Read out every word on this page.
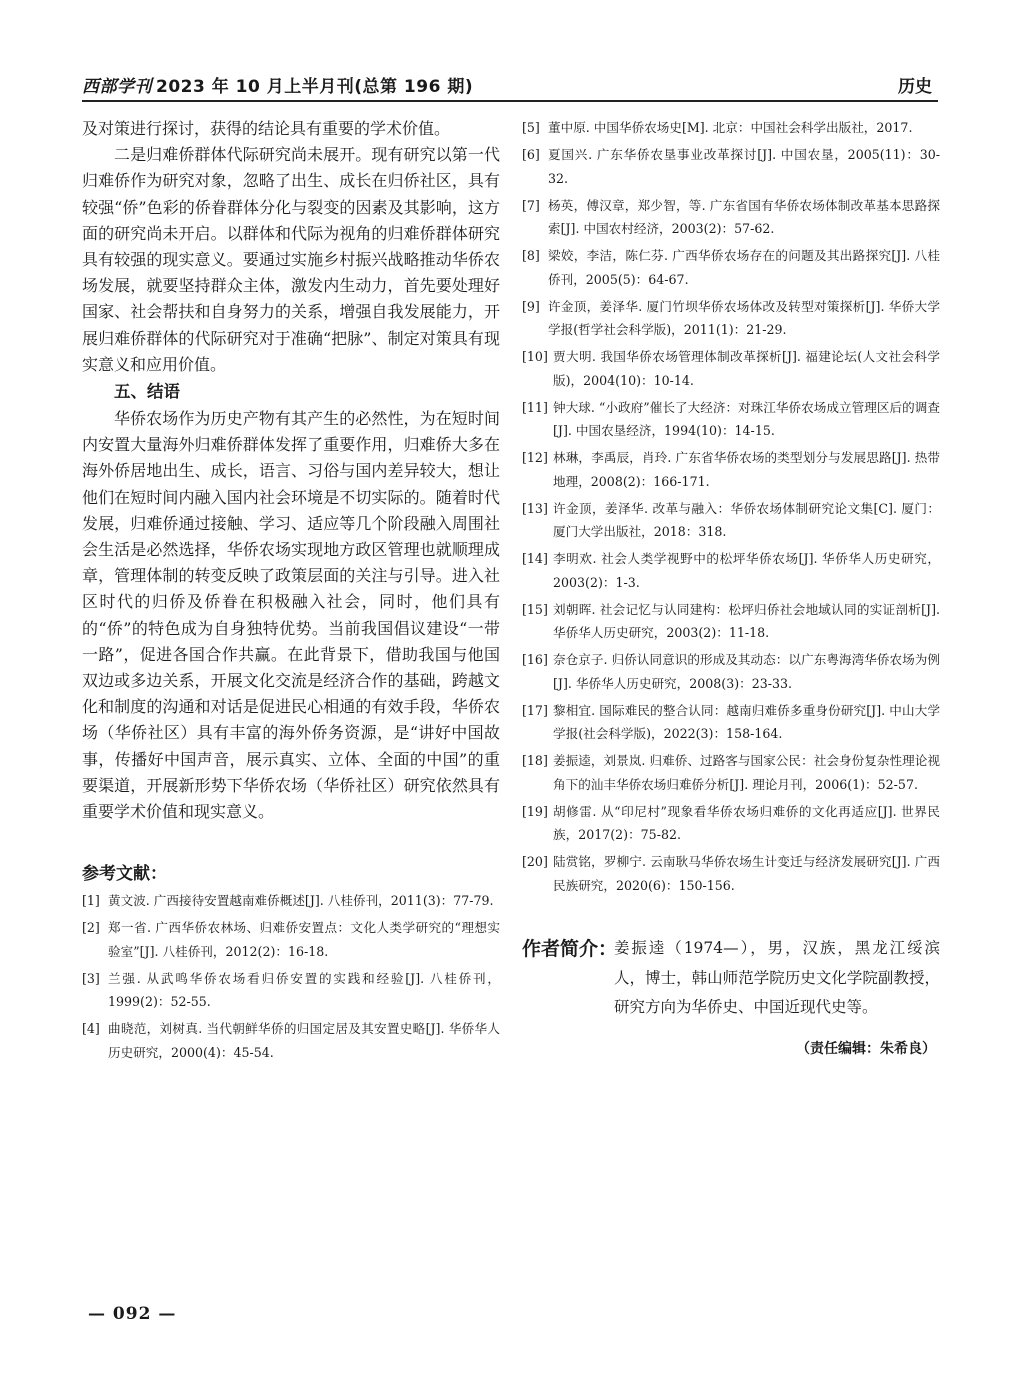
西部学刊 2023 年 10 月上半月刊(总第 196 期)	历史

及对策进行探讨，获得的结论具有重要的学术价值。

二是归难侨群体代际研究尚未展开。现有研究以第一代归难侨作为研究对象，忽略了出生、成长在归侨社区，具有较强“侨”色彩的侨眷群体分化与裂变的因素及其影响，这方面的研究尚未开启。以群体和代际为视角的归难侨群体研究具有较强的现实意义。要通过实施乡村振兴战略推动华侨农场发展，就要坚持群众主体，激发内生动力，首先要处理好国家、社会帮扶和自身努力的关系，增强自我发展能力，开展归难侨群体的代际研究对于准确“把脉”、制定对策具有现实意义和应用价值。

五、结语

华侨农场作为历史产物有其产生的必然性，为在短时间内安置大量海外归难侨群体发挥了重要作用，归难侨大多在海外侨居地出生、成长，语言、习俗与国内差异较大，想让他们在短时间内融入国内社会环境是不切实际的。随着时代发展，归难侨通过接触、学习、适应等几个阶段融入周围社会生活是必然选择，华侨农场实现地方政区管理也就顺理成章，管理体制的转变反映了政策层面的关注与引导。进入社区时代的归侨及侨眷在积极融入社会，同时，他们具有的“侨”的特色成为自身独特优势。当前我国倡议建设“一带一路”，促进各国合作共赢。在此背景下，借助我国与他国双边或多边关系，开展文化交流是经济合作的基础，跨越文化和制度的沟通和对话是促进民心相通的有效手段，华侨农场（华侨社区）具有丰富的海外侨务资源，是“讲好中国故事，传播好中国声音，展示真实、立体、全面的中国”的重要渠道，开展新形势下华侨农场（华侨社区）研究依然具有重要学术价值和现实意义。

参考文献：

[1] 黄文波. 广西接待安置越南难侨概述[J]. 八桂侨刊，2011(3)：77-79.
[2] 郑一省. 广西华侨农林场、归难侨安置点：文化人类学研究的“理想实验室”[J]. 八桂侨刊，2012(2)：16-18.
[3] 兰强. 从武鸣华侨农场看归侨安置的实践和经验[J]. 八桂侨刊，1999(2)：52-55.
[4] 曲晓范，刘树真. 当代朝鲜华侨的归国定居及其安置史略[J]. 华侨华人历史研究，2000(4)：45-54.
[5] 董中原. 中国华侨农场史[M]. 北京：中国社会科学出版社，2017.
[6] 夏国兴. 广东华侨农垦事业改革探讨[J]. 中国农垦，2005(11)：30-32.
[7] 杨英，傅汉章，郑少智，等. 广东省国有华侨农场体制改革基本思路探索[J]. 中国农村经济，2003(2)：57-62.
[8] 梁姣，李洁，陈仁芬. 广西华侨农场存在的问题及其出路探究[J]. 八桂侨刊，2005(5)：64-67.
[9] 许金顶，姜泽华. 厦门竹坝华侨农场体改及转型对策探析[J]. 华侨大学学报(哲学社会科学版)，2011(1)：21-29.
[10] 贾大明. 我国华侨农场管理体制改革探析[J]. 福建论坛(人文社会科学版)，2004(10)：10-14.
[11] 钟大球. “小政府”催长了大经济：对珠江华侨农场成立管理区后的调查[J]. 中国农垦经济，1994(10)：14-15.
[12] 林琳，李禹辰，肖玲. 广东省华侨农场的类型划分与发展思路[J]. 热带地理，2008(2)：166-171.
[13] 许金顶，姜泽华. 改革与融入：华侨农场体制研究论文集[C]. 厦门：厦门大学出版社，2018：318.
[14] 李明欢. 社会人类学视野中的松坪华侨农场[J]. 华侨华人历史研究，2003(2)：1-3.
[15] 刘朝晖. 社会记忆与认同建构：松坪归侨社会地域认同的实证剖析[J]. 华侨华人历史研究，2003(2)：11-18.
[16] 奈仓京子. 归侨认同意识的形成及其动态：以广东粤海湾华侨农场为例[J]. 华侨华人历史研究，2008(3)：23-33.
[17] 黎相宜. 国际难民的整合认同：越南归难侨多重身份研究[J]. 中山大学学报(社会科学版)，2022(3)：158-164.
[18] 姜振逵，刘景岚. 归难侨、过路客与国家公民：社会身份复杂性理论视角下的汕丰华侨农场归难侨分析[J]. 理论月刊，2006(1)：52-57.
[19] 胡修雷. 从“印尼村”现象看华侨农场归难侨的文化再适应[J]. 世界民族，2017(2)：75-82.
[20] 陆赏铭，罗柳宁. 云南耿马华侨农场生计变迁与经济发展研究[J]. 广西民族研究，2020(6)：150-156.
作者简介：

姜振逵（1974—），男，汉族，黑龙江绥滨人，博士，韩山师范学院历史文化学院副教授，研究方向为华侨史、中国近现代史等。

（责任编辑：朱希良）
— 092 —
